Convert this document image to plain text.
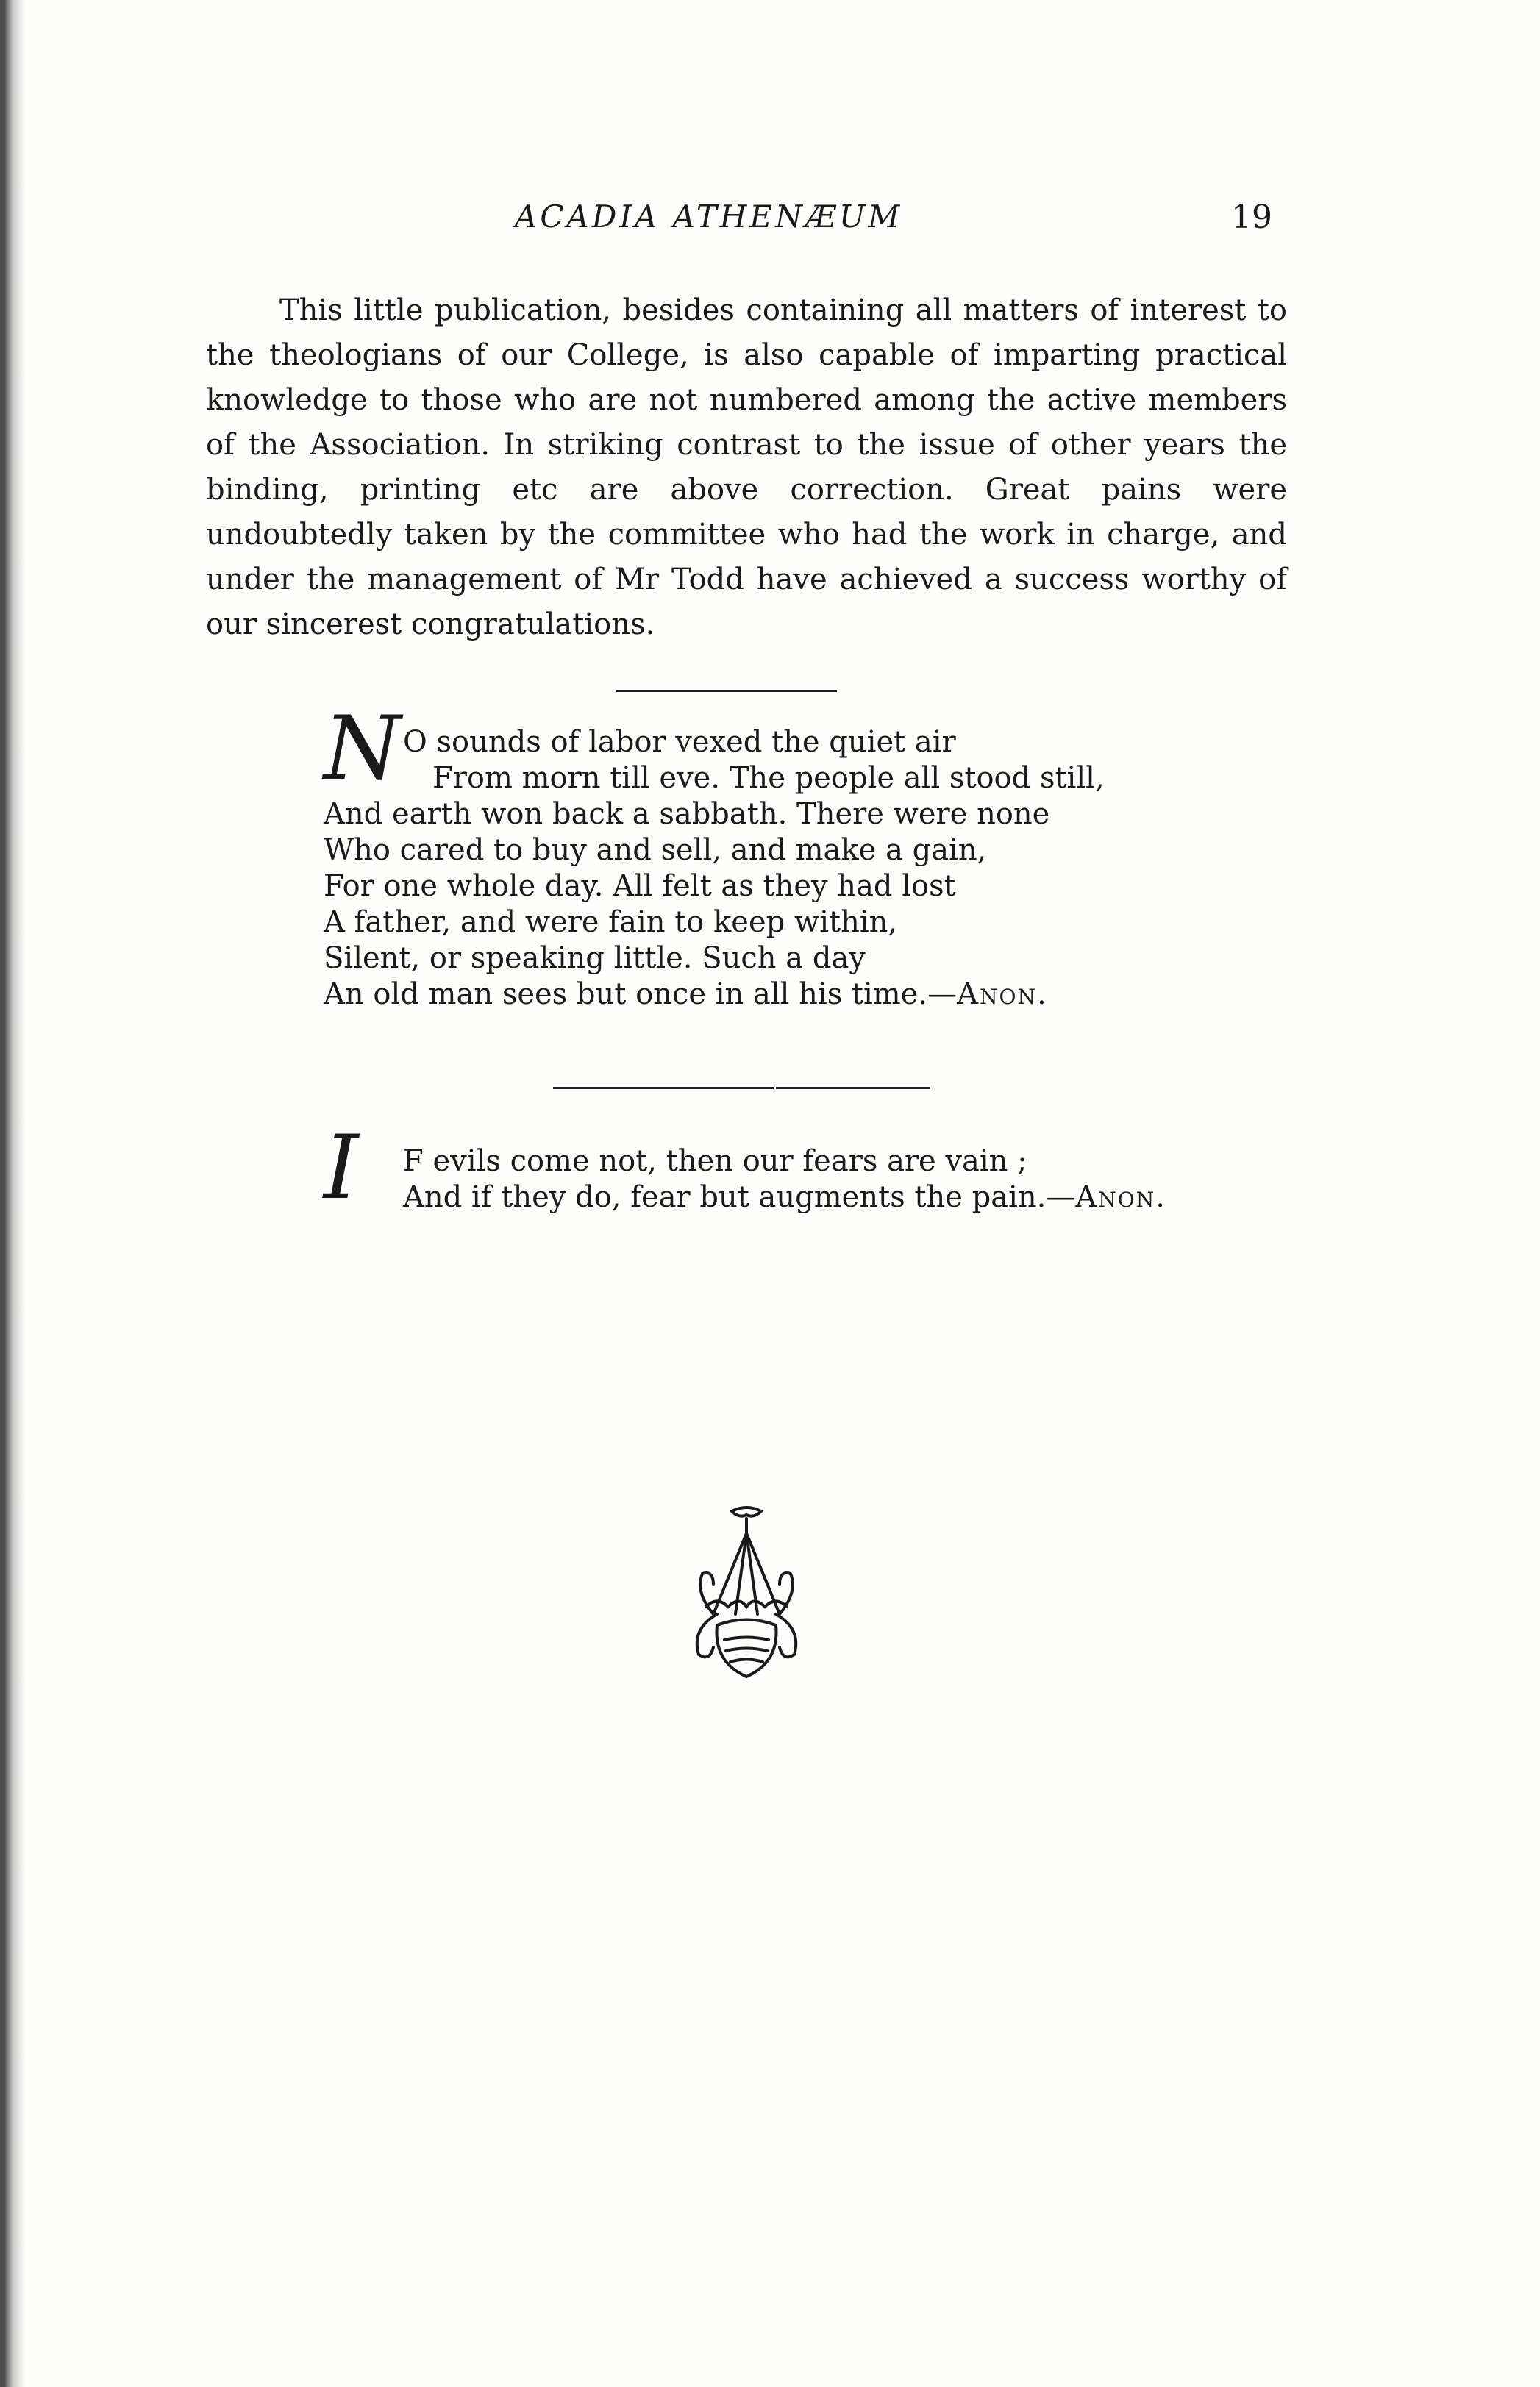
ACADIA ATHENÆUM	19

This little publication, besides containing all matters of interest to the theologians of our College, is also capable of imparting practical knowledge to those who are not numbered among the active members of the Association. In striking contrast to the issue of other years the binding, printing etc are above correction. Great pains were undoubtedly taken by the committee who had the work in charge, and under the management of Mr Todd have achieved a success worthy of our sincerest congratulations.

N O sounds of labor vexed the quiet air
From morn till eve. The people all stood still,
And earth won back a sabbath. There were none
Who cared to buy and sell, and make a gain,
For one whole day. All felt as they had lost
A father, and were fain to keep within,
Silent, or speaking little. Such a day
An old man sees but once in all his time.—Anon.
I	F evils come not, then our fears are vain ;
And if they do, fear but augments the pain.—Anon.
